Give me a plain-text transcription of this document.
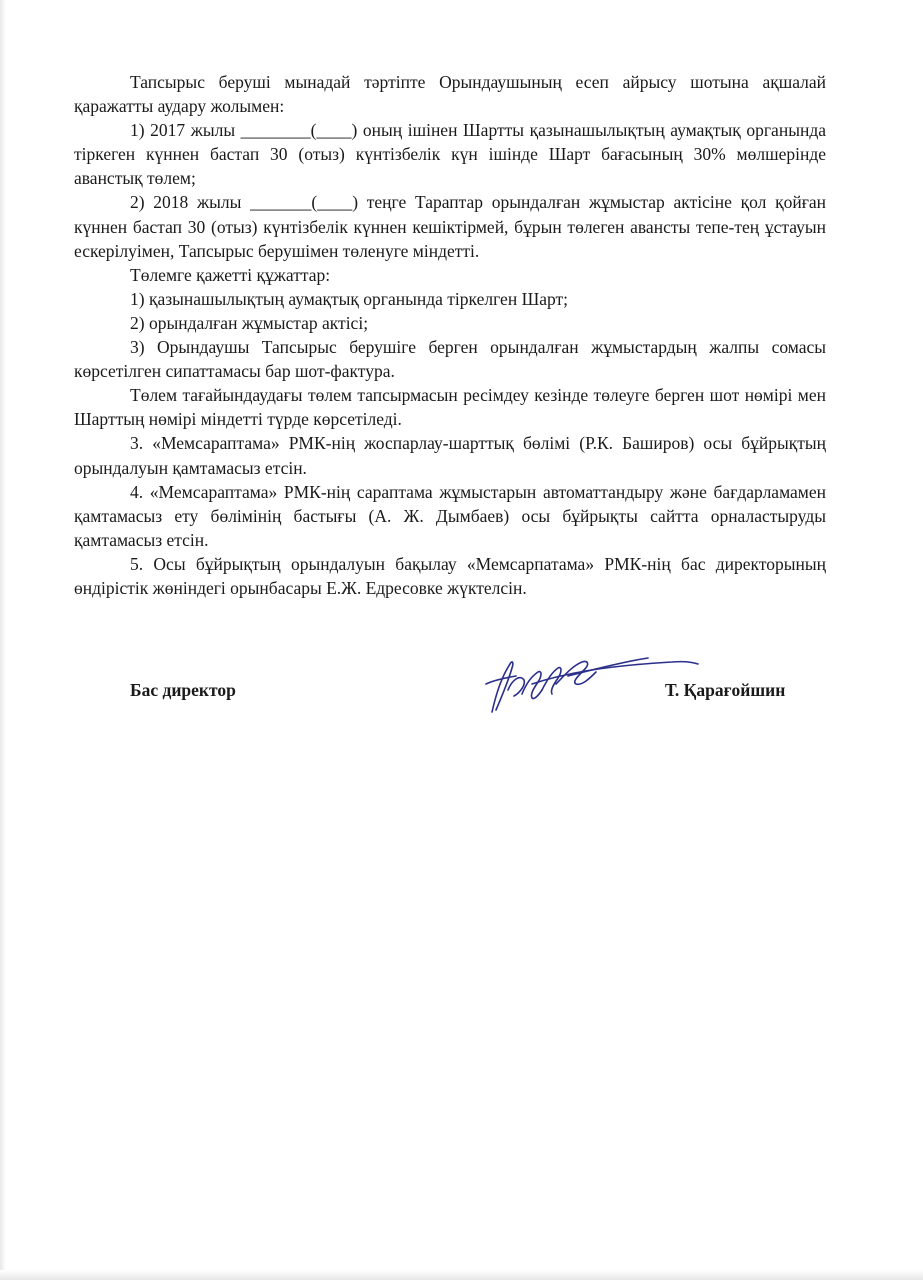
Тапсырыс беруші мынадай тәртіпте Орындаушының есеп айрысу шотына ақшалай қаражатты аудару жолымен:

1) 2017 жылы ________(____) оның ішінен Шартты қазынашылықтың аумақтық органында тіркеген күннен бастап 30 (отыз) күнтізбелік күн ішінде Шарт бағасының 30% мөлшерінде аванстық төлем;

2) 2018 жылы _______(____) теңге Тараптар орындалған жұмыстар актісіне қол қойған күннен бастап 30 (отыз) күнтізбелік күннен кешіктірмей, бұрын төлеген авансты тепе-тең ұстауын ескерілуімен, Тапсырыс берушімен төленуге міндетті.

Төлемге қажетті құжаттар:

1) қазынашылықтың аумақтық органында тіркелген Шарт;

2) орындалған жұмыстар актісі;

3) Орындаушы Тапсырыс берушіге берген орындалған жұмыстардың жалпы сомасы көрсетілген сипаттамасы бар шот-фактура.

Төлем тағайындаудағы төлем тапсырмасын ресімдеу кезінде төлеуге берген шот нөмірі мен Шарттың нөмірі міндетті түрде көрсетіледі.

3. «Мемсараптама» РМК-нің жоспарлау-шарттық бөлімі (Р.К. Баширов) осы бұйрықтың орындалуын қамтамасыз етсін.

4. «Мемсараптама» РМК-нің сараптама жұмыстарын автоматтандыру және бағдарламамен қамтамасыз ету бөлімінің бастығы (А. Ж. Дымбаев) осы бұйрықты сайтта орналастыруды қамтамасыз етсін.

5. Осы бұйрықтың орындалуын бақылау «Мемсарпатама» РМК-нің бас директорының өндірістік жөніндегі орынбасары Е.Ж. Едресовке жүктелсін.

Бас директор	Т. Қарағойшин
